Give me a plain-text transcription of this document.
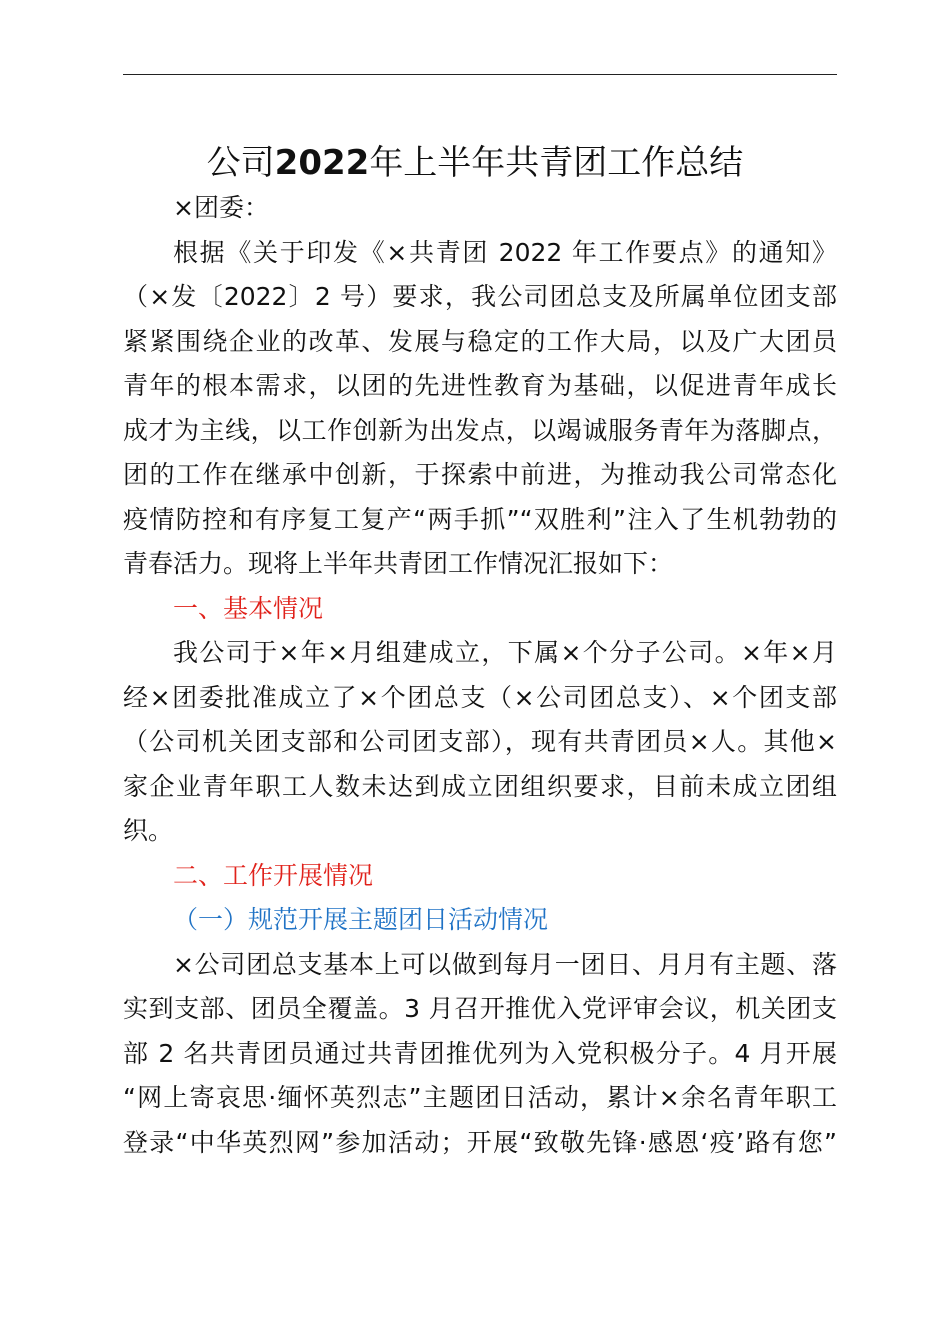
公司2022年上半年共青团工作总结
×团委：
根据《关于印发《×共青团 2022 年工作要点》的通知》
（×发〔2022〕2 号）要求，我公司团总支及所属单位团支部
紧紧围绕企业的改革、发展与稳定的工作大局，以及广大团员
青年的根本需求，以团的先进性教育为基础，以促进青年成长
成才为主线，以工作创新为出发点，以竭诚服务青年为落脚点，
团的工作在继承中创新，于探索中前进，为推动我公司常态化
疫情防控和有序复工复产“两手抓”“双胜利”注入了生机勃勃的
青春活力。现将上半年共青团工作情况汇报如下：
一、基本情况
我公司于×年×月组建成立，下属×个分子公司。×年×月
经×团委批准成立了×个团总支（×公司团总支）、×个团支部
（公司机关团支部和公司团支部），现有共青团员×人。其他×
家企业青年职工人数未达到成立团组织要求，目前未成立团组
织。
二、工作开展情况
（一）规范开展主题团日活动情况
×公司团总支基本上可以做到每月一团日、月月有主题、落
实到支部、团员全覆盖。3 月召开推优入党评审会议，机关团支
部 2 名共青团员通过共青团推优列为入党积极分子。4 月开展
“网上寄哀思·缅怀英烈志”主题团日活动，累计×余名青年职工
登录“中华英烈网”参加活动；开展“致敬先锋·感恩‘疫’路有您”
